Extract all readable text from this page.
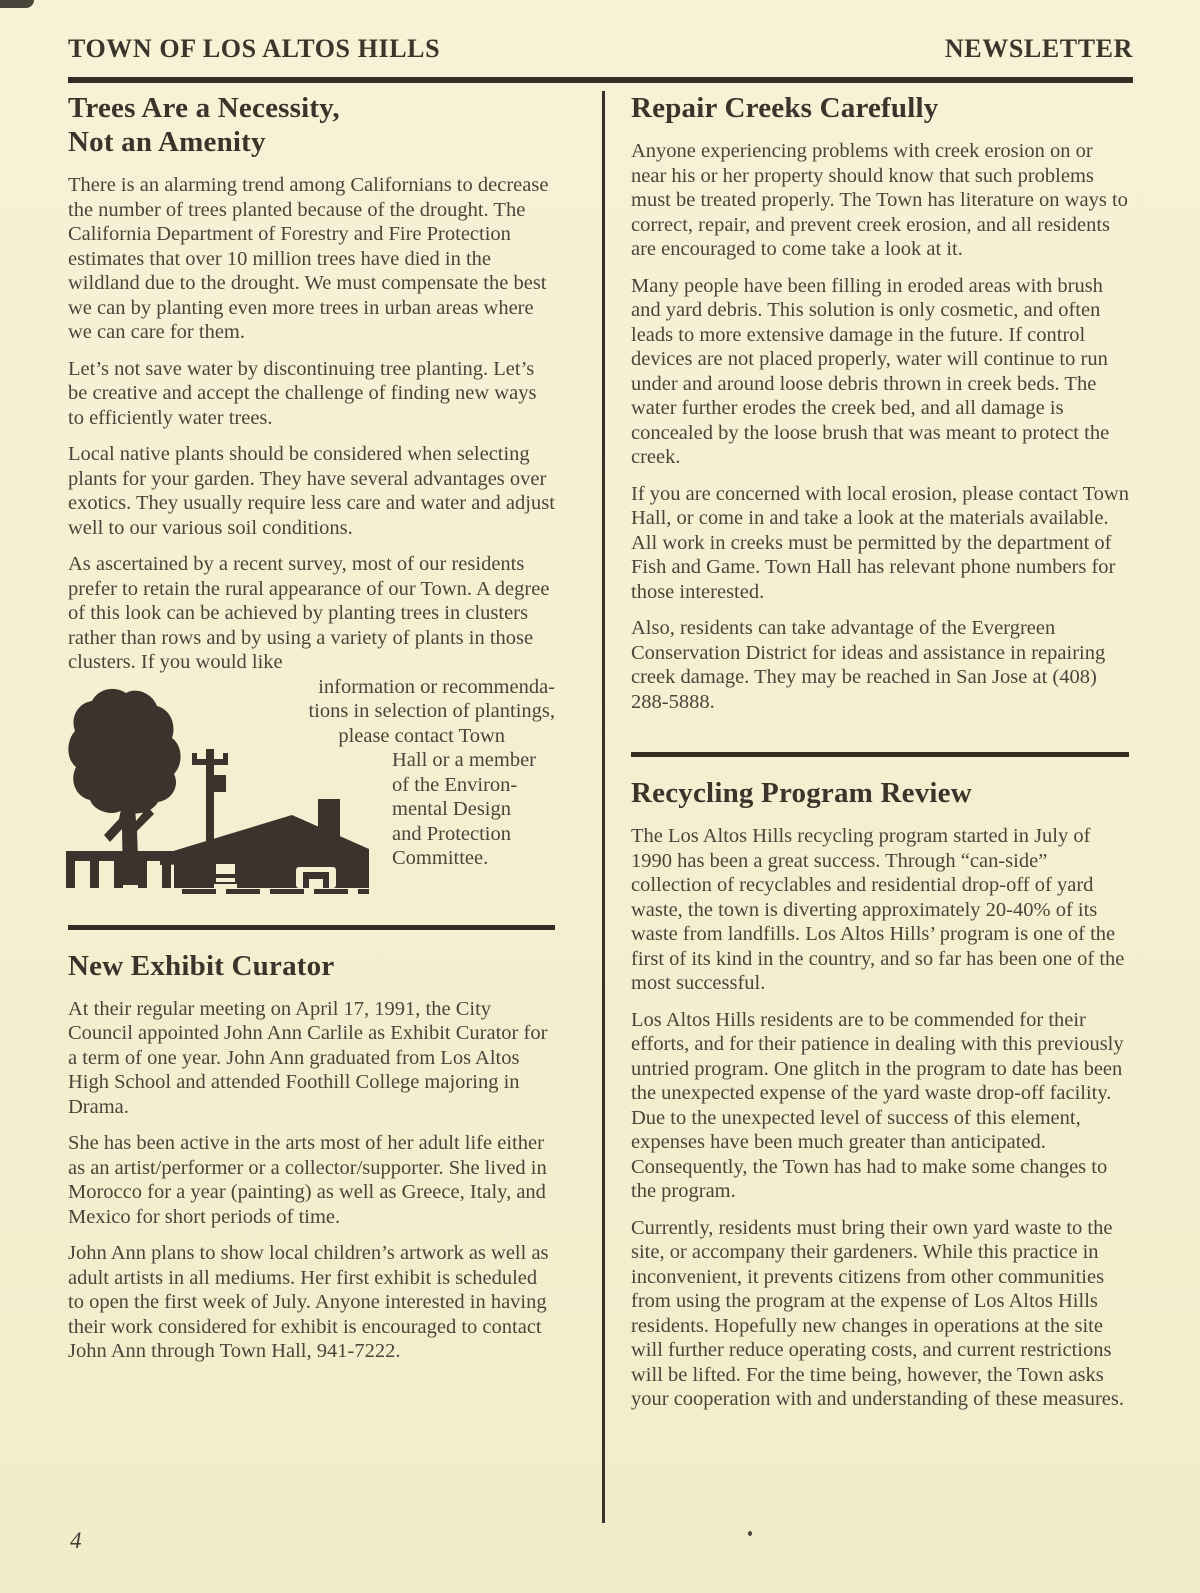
TOWN OF LOS ALTOS HILLS	NEWSLETTER
Trees Are a Necessity,
Not an Amenity

There is an alarming trend among Californians to decrease the number of trees planted because of the drought. The California Department of Forestry and Fire Protection estimates that over 10 million trees have died in the wildland due to the drought. We must compensate the best we can by planting even more trees in urban areas where we can care for them.

Let’s not save water by discontinuing tree planting. Let’s be creative and accept the challenge of finding new ways to efficiently water trees.

Local native plants should be considered when selecting plants for your garden. They have several advantages over exotics. They usually require less care and water and adjust well to our various soil conditions.

As ascertained by a recent survey, most of our residents prefer to retain the rural appearance of our Town. A degree of this look can be achieved by planting trees in clusters rather than rows and by using a variety of plants in those clusters. If you would like

information or recommenda-
tions in selection of plantings,
please contact Town
Hall or a member
of the Environ-
mental Design
and Protection
Committee.
New Exhibit Curator

At their regular meeting on April 17, 1991, the City Council appointed John Ann Carlile as Exhibit Curator for a term of one year. John Ann graduated from Los Altos High School and attended Foothill College majoring in Drama.

She has been active in the arts most of her adult life either as an artist/performer or a collector/supporter. She lived in Morocco for a year (painting) as well as Greece, Italy, and Mexico for short periods of time.

John Ann plans to show local children’s artwork as well as adult artists in all mediums. Her first exhibit is scheduled to open the first week of July. Anyone interested in having their work considered for exhibit is encouraged to contact John Ann through Town Hall, 941-7222.

Repair Creeks Carefully

Anyone experiencing problems with creek erosion on or near his or her property should know that such problems must be treated properly. The Town has literature on ways to correct, repair, and prevent creek erosion, and all residents are encouraged to come take a look at it.

Many people have been filling in eroded areas with brush and yard debris. This solution is only cosmetic, and often leads to more extensive damage in the future. If control devices are not placed properly, water will continue to run under and around loose debris thrown in creek beds. The water further erodes the creek bed, and all damage is concealed by the loose brush that was meant to protect the creek.

If you are concerned with local erosion, please contact Town Hall, or come in and take a look at the materials available. All work in creeks must be permitted by the department of Fish and Game. Town Hall has relevant phone numbers for those interested.

Also, residents can take advantage of the Evergreen Conservation District for ideas and assistance in repairing creek damage. They may be reached in San Jose at (408) 288-5888.

Recycling Program Review

The Los Altos Hills recycling program started in July of 1990 has been a great success. Through “can-side” collection of recyclables and residential drop-off of yard waste, the town is diverting approximately 20-40% of its waste from landfills. Los Altos Hills’ program is one of the first of its kind in the country, and so far has been one of the most successful.

Los Altos Hills residents are to be commended for their efforts, and for their patience in dealing with this previously untried program. One glitch in the program to date has been the unexpected expense of the yard waste drop-off facility. Due to the unexpected level of success of this element, expenses have been much greater than anticipated. Consequently, the Town has had to make some changes to the program.

Currently, residents must bring their own yard waste to the site, or accompany their gardeners. While this practice in inconvenient, it prevents citizens from other communities from using the program at the expense of Los Altos Hills residents. Hopefully new changes in operations at the site will further reduce operating costs, and current restrictions will be lifted. For the time being, however, the Town asks your cooperation with and understanding of these measures.

4
